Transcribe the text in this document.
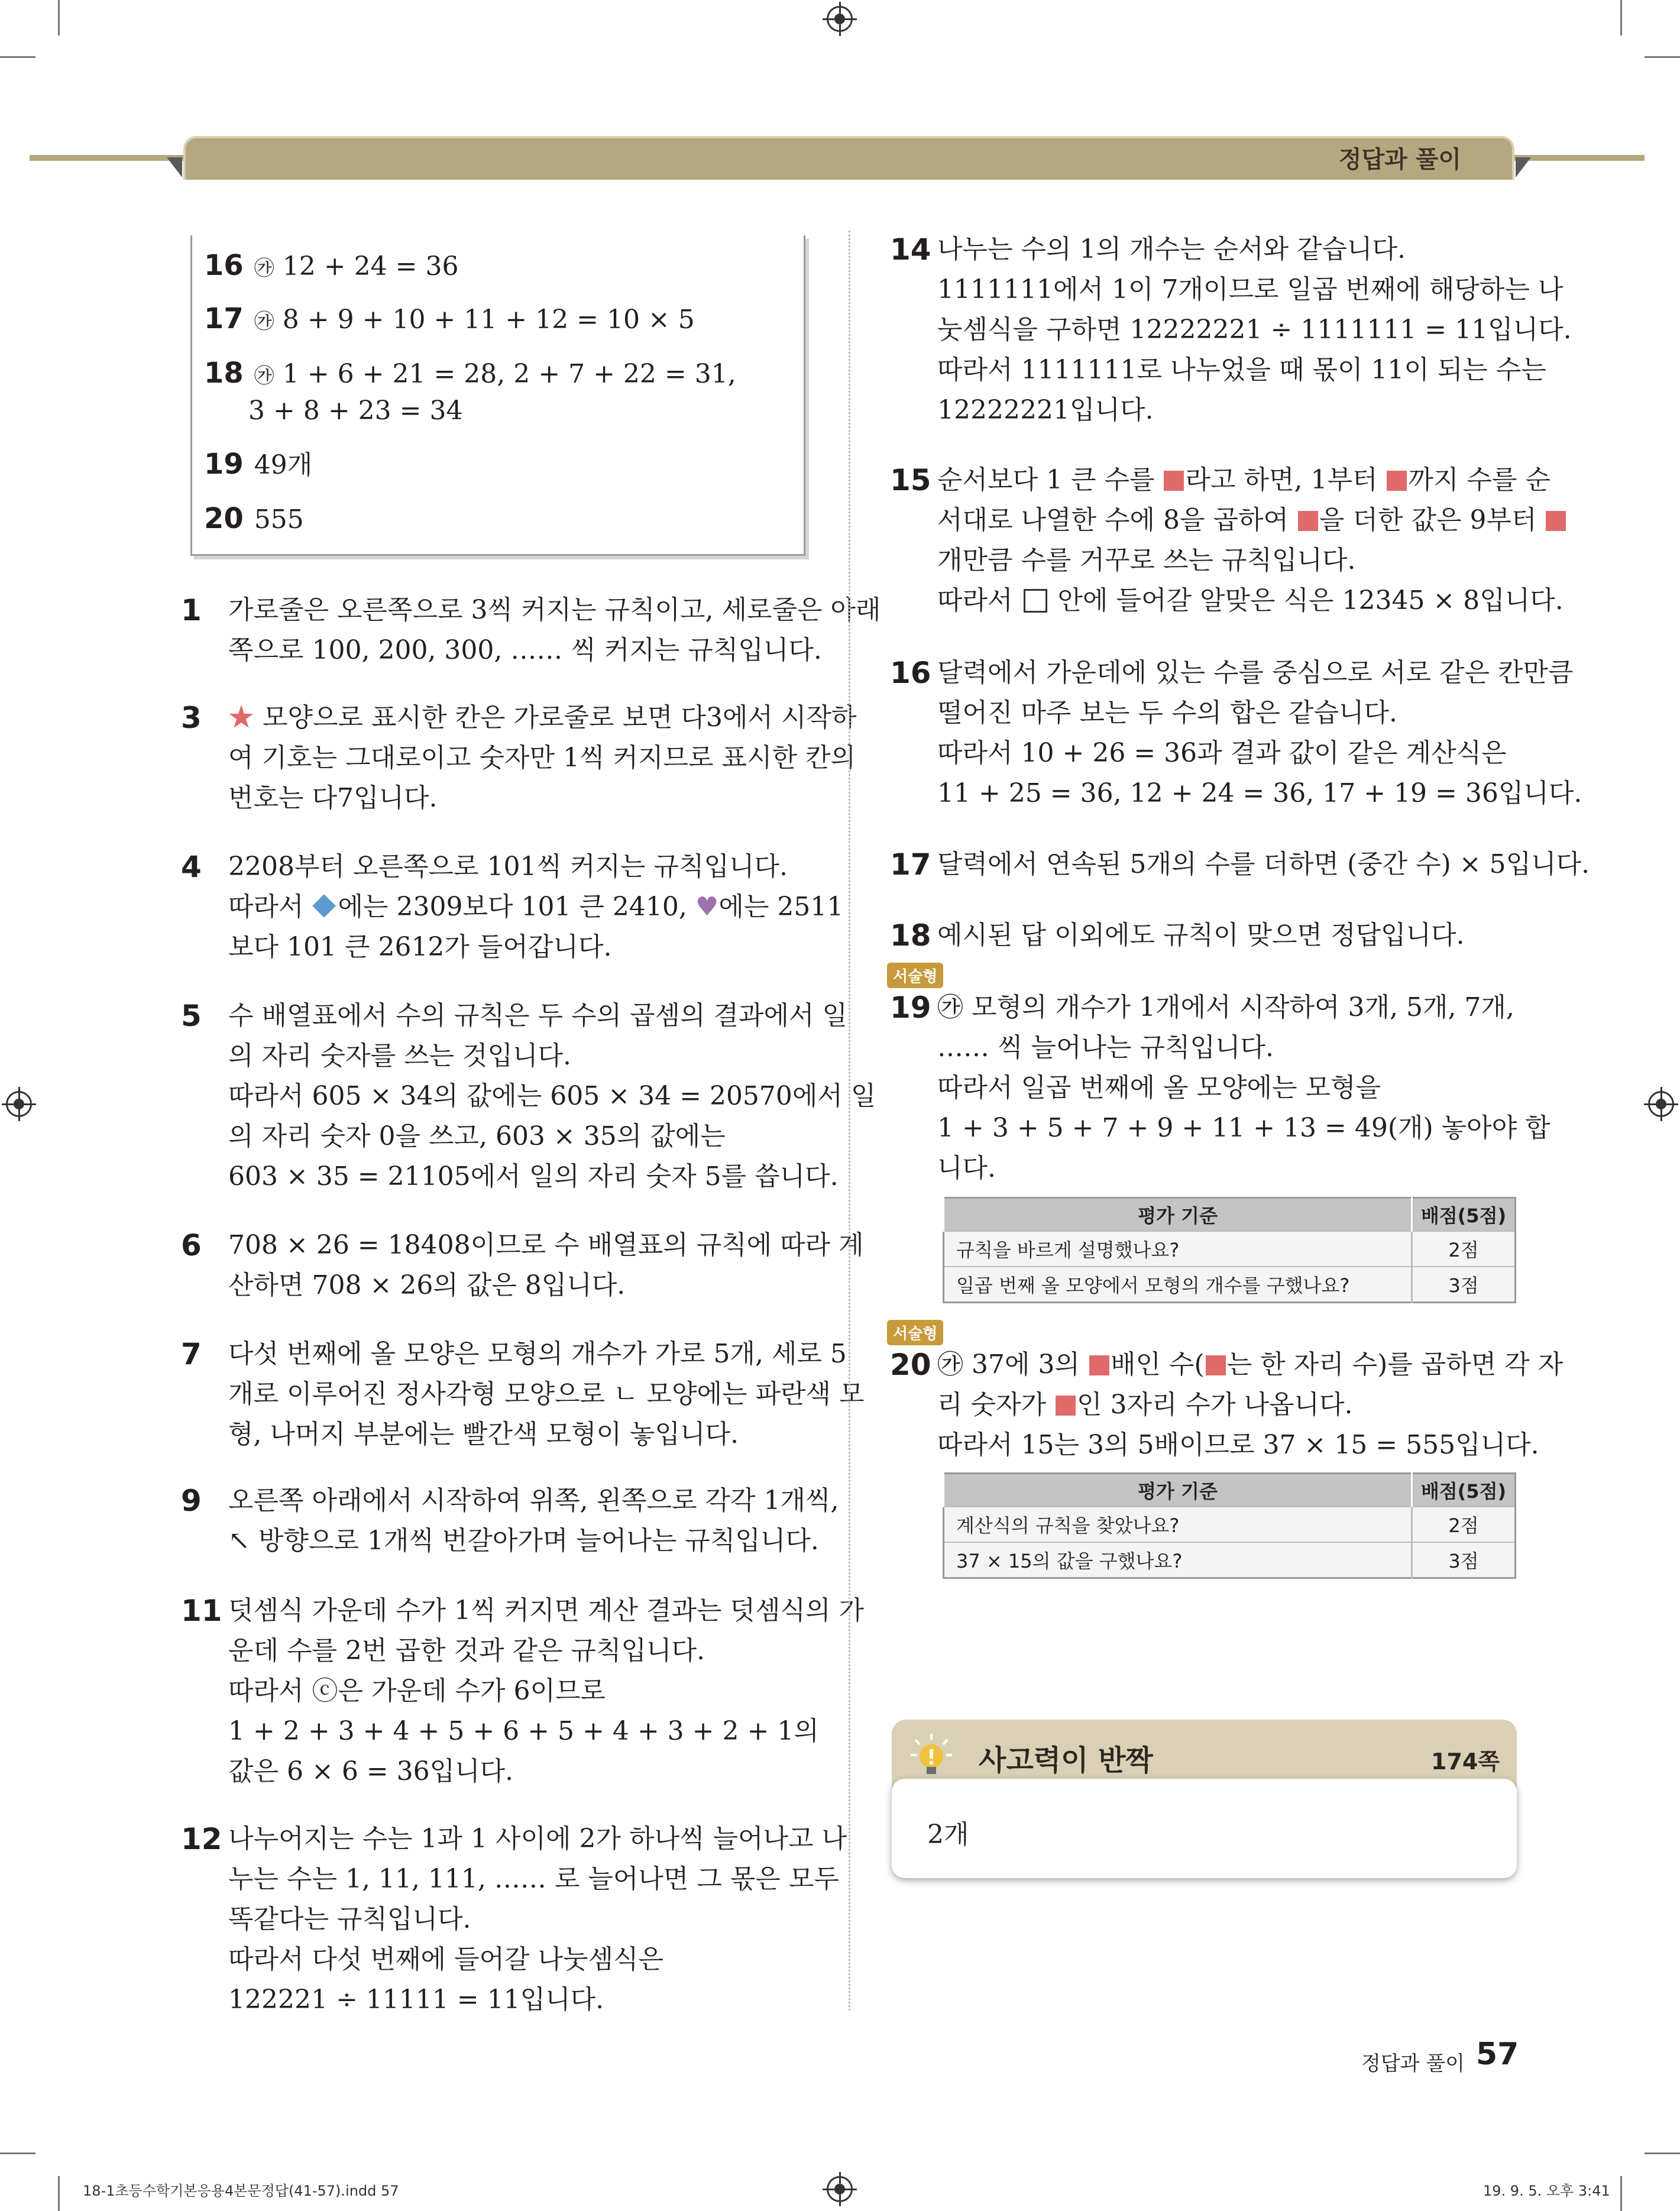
정답과 풀이
16 ㉮ 12 + 24 = 36
17 ㉮ 8 + 9 + 10 + 11 + 12 = 10 × 5
18 ㉮ 1 + 6 + 21 = 28, 2 + 7 + 22 = 31,
3 + 8 + 23 = 34
19 49개
20 555
1 가로줄은 오른쪽으로 3씩 커지는 규칙이고, 세로줄은 아래

쪽으로 100, 200, 300, …… 씩 커지는 규칙입니다.

3 ★ 모양으로 표시한 칸은 가로줄로 보면 다3에서 시작하

여 기호는 그대로이고 숫자만 1씩 커지므로 표시한 칸의

번호는 다7입니다.

4 2208부터 오른쪽으로 101씩 커지는 규칙입니다.

따라서 에는 2309보다 101 큰 2410, ♥에는 2511

보다 101 큰 2612가 들어갑니다.

5 수 배열표에서 수의 규칙은 두 수의 곱셈의 결과에서 일

의 자리 숫자를 쓰는 것입니다.

따라서 605 × 34의 값에는 605 × 34 = 20570에서 일

의 자리 숫자 0을 쓰고, 603 × 35의 값에는

603 × 35 = 21105에서 일의 자리 숫자 5를 씁니다.

6 708 × 26 = 18408이므로 수 배열표의 규칙에 따라 계

산하면 708 × 26의 값은 8입니다.

7 다섯 번째에 올 모양은 모형의 개수가 가로 5개, 세로 5

개로 이루어진 정사각형 모양으로 ㄴ 모양에는 파란색 모

형, 나머지 부분에는 빨간색 모형이 놓입니다.

9 오른쪽 아래에서 시작하여 위쪽, 왼쪽으로 각각 1개씩,

↖ 방향으로 1개씩 번갈아가며 늘어나는 규칙입니다.

11 덧셈식 가운데 수가 1씩 커지면 계산 결과는 덧셈식의 가

운데 수를 2번 곱한 것과 같은 규칙입니다.

따라서 ⓒ은 가운데 수가 6이므로

1 + 2 + 3 + 4 + 5 + 6 + 5 + 4 + 3 + 2 + 1의

값은 6 × 6 = 36입니다.

12 나누어지는 수는 1과 1 사이에 2가 하나씩 늘어나고 나

누는 수는 1, 11, 111, …… 로 늘어나면 그 몫은 모두

똑같다는 규칙입니다.

따라서 다섯 번째에 들어갈 나눗셈식은

122221 ÷ 11111 = 11입니다.

14 나누는 수의 1의 개수는 순서와 같습니다.

1111111에서 1이 7개이므로 일곱 번째에 해당하는 나

눗셈식을 구하면 12222221 ÷ 1111111 = 11입니다.

따라서 1111111로 나누었을 때 몫이 11이 되는 수는

12222221입니다.

15 순서보다 1 큰 수를 라고 하면, 1부터 까지 수를 순

서대로 나열한 수에 8을 곱하여 을 더한 값은 9부터

개만큼 수를 거꾸로 쓰는 규칙입니다.

따라서  안에 들어갈 알맞은 식은 12345 × 8입니다.

16 달력에서 가운데에 있는 수를 중심으로 서로 같은 칸만큼

떨어진 마주 보는 두 수의 합은 같습니다.

따라서 10 + 26 = 36과 결과 값이 같은 계산식은

11 + 25 = 36, 12 + 24 = 36, 17 + 19 = 36입니다.

17 달력에서 연속된 5개의 수를 더하면 (중간 수) × 5입니다.

18 예시된 답 이외에도 규칙이 맞으면 정답입니다.

서술형
19 ㉮ 모형의 개수가 1개에서 시작하여 3개, 5개, 7개,

…… 씩 늘어나는 규칙입니다.

따라서 일곱 번째에 올 모양에는 모형을

1 + 3 + 5 + 7 + 9 + 11 + 13 = 49(개) 놓아야 합

니다.

평가 기준	배점(5점)
규칙을 바르게 설명했나요?	2점
일곱 번째 올 모양에서 모형의 개수를 구했나요?	3점
서술형
20 ㉮ 37에 3의 배인 수( 는 한 자리 수)를 곱하면 각 자

리 숫자가 인 3자리 수가 나옵니다.

따라서 15는 3의 5배이므로 37 × 15 = 555입니다.

평가 기준	배점(5점)
계산식의 규칙을 찾았나요?	2점
37 × 15의 값을 구했나요?	3점
사고력이 반짝	174쪽
2개
정답과 풀이 57
18-1초등수학기본응용4본문정답(41-57).indd 57	19. 9. 5. 오후 3:41
